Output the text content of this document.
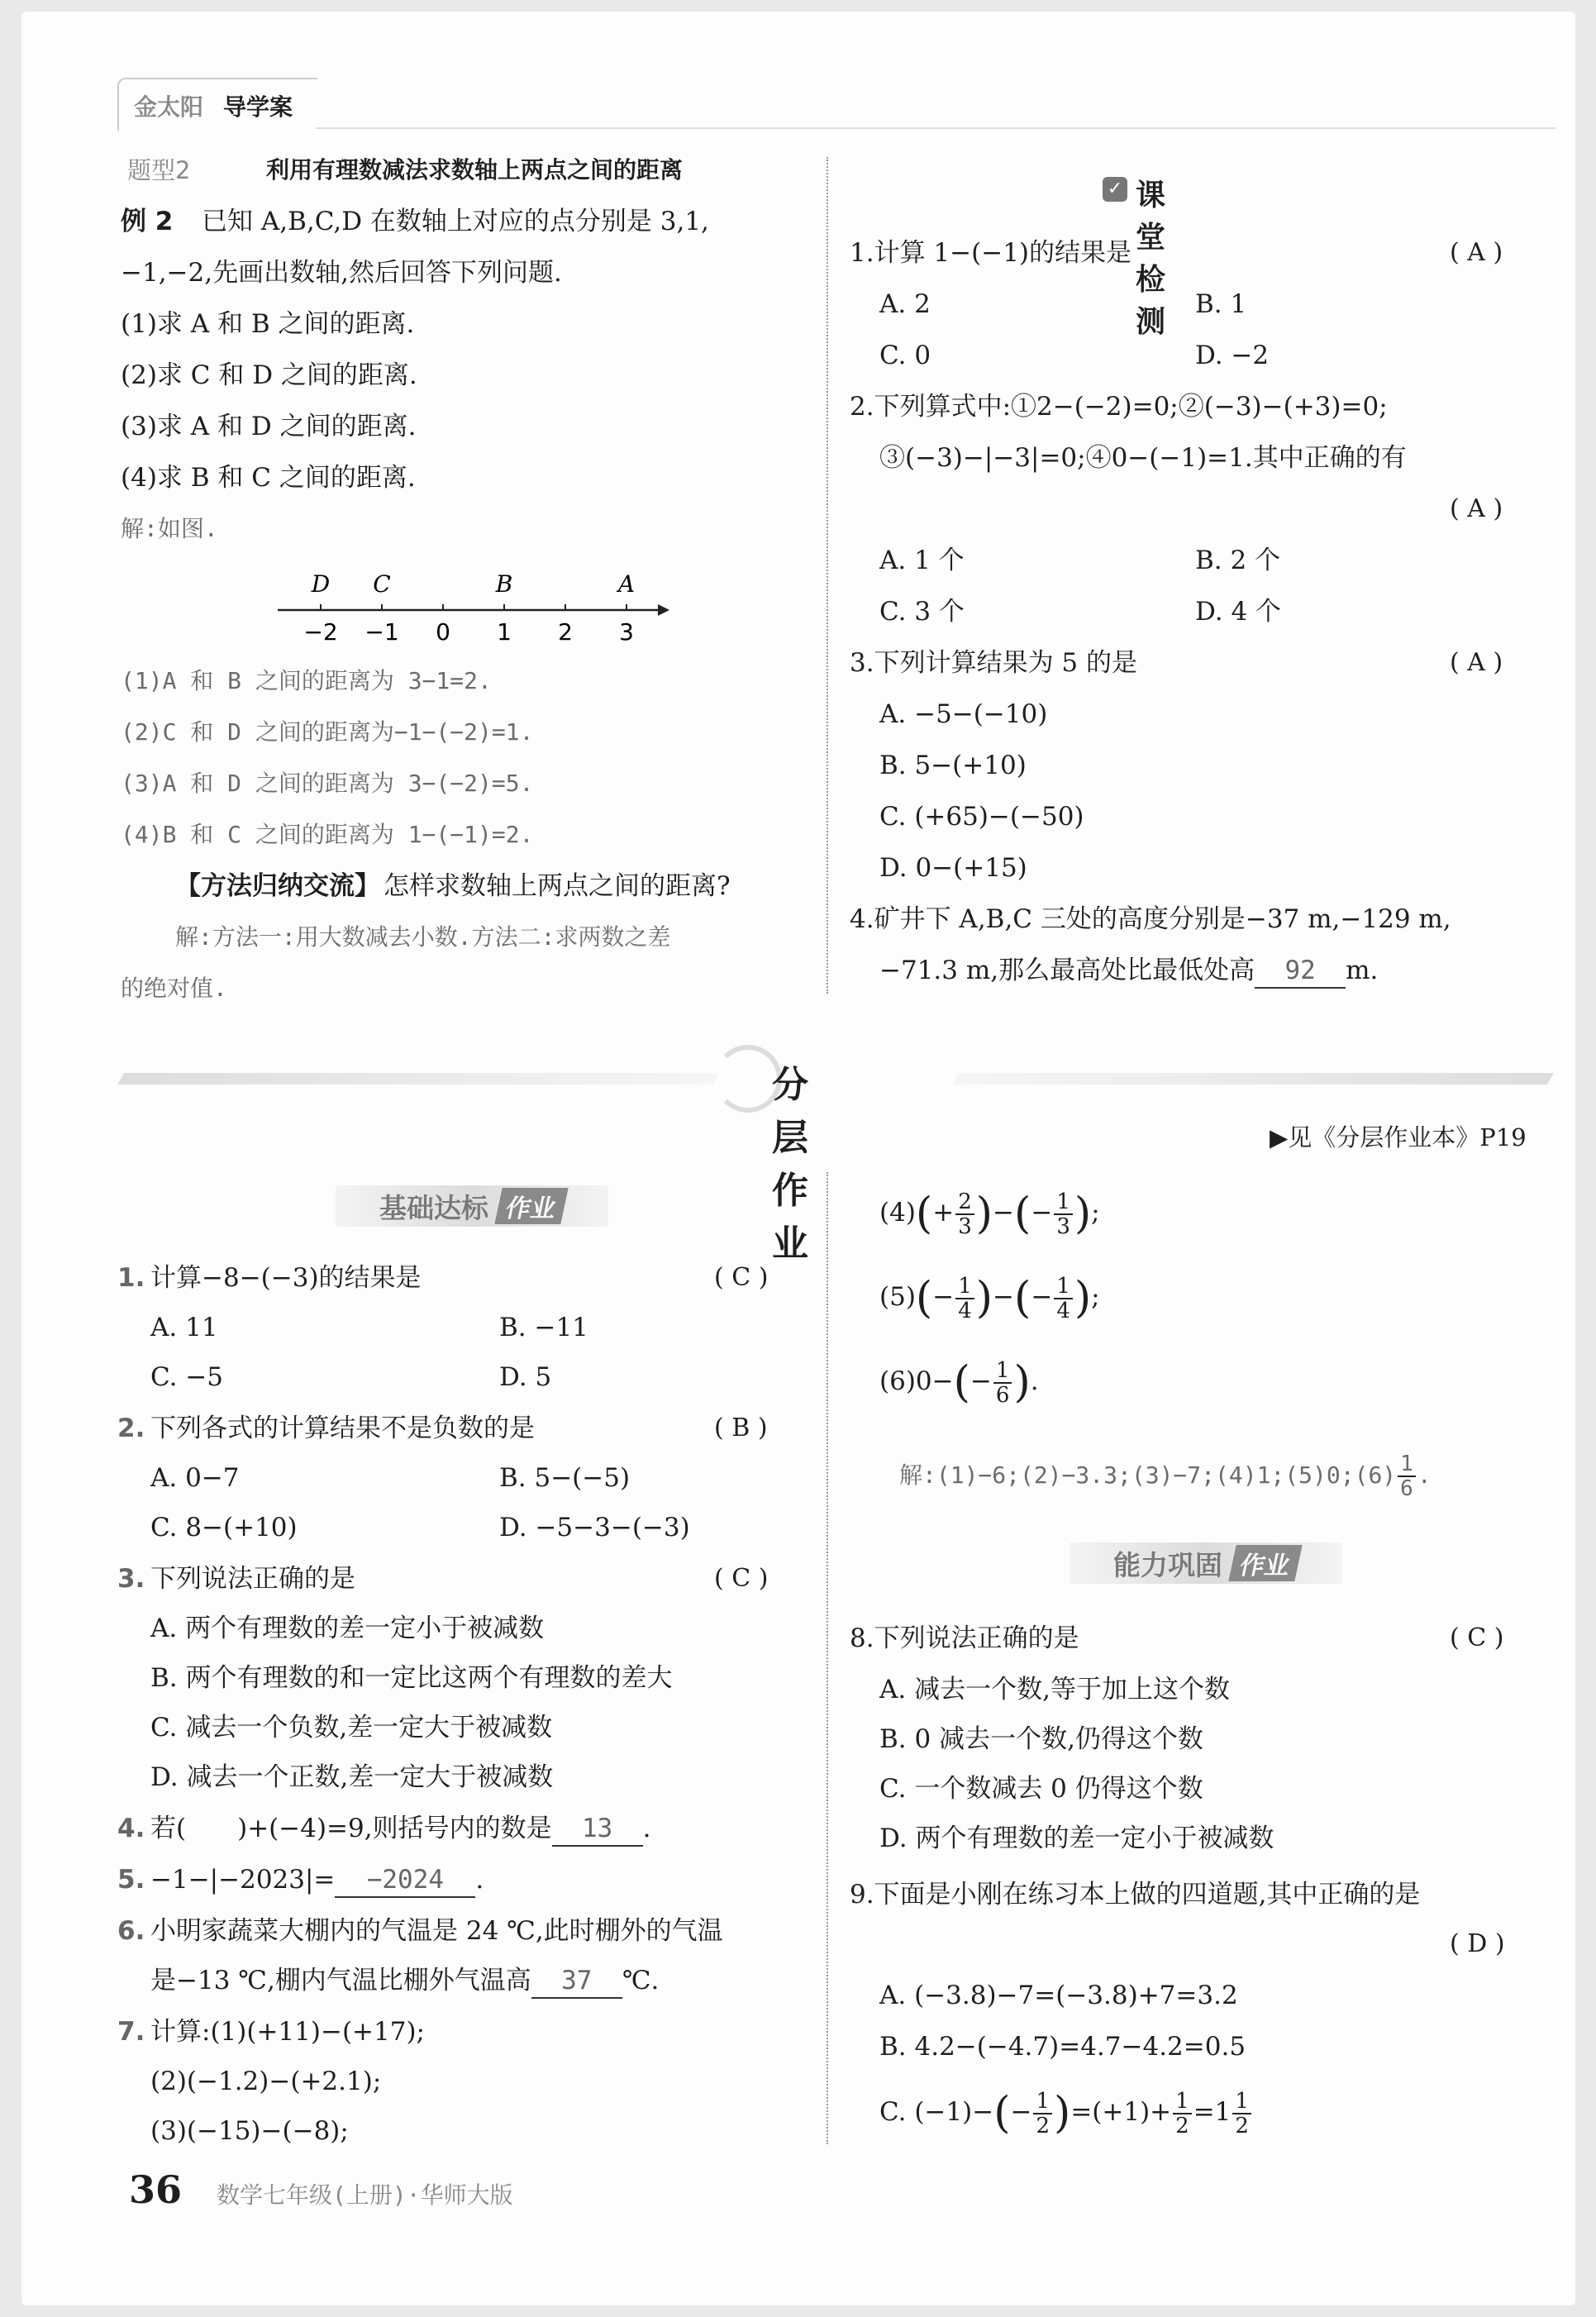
金太阳 导学案
题型2	利用有理数减法求数轴上两点之间的距离
例 2 已知 A,B,C,D 在数轴上对应的点分别是 3,1,
−1,−2,先画出数轴,然后回答下列问题.
(1)求 A 和 B 之间的距离.
(2)求 C 和 D 之间的距离.
(3)求 A 和 D 之间的距离.
(4)求 B 和 C 之间的距离.
解:如图.
−2 −1 0 1 2 3
D C	B	A
(1)A 和 B 之间的距离为 3−1=2.
(2)C 和 D 之间的距离为−1−(−2)=1.
(3)A 和 D 之间的距离为 3−(−2)=5.
(4)B 和 C 之间的距离为 1−(−1)=2.
【方法归纳交流】 怎样求数轴上两点之间的距离?
解:方法一:用大数减去小数.方法二:求两数之差
的绝对值.
✓ 课堂检测
1.计算 1−(−1)的结果是	( A )
A. 2	B. 1
C. 0	D. −2
2.下列算式中:①2−(−2)=0;②(−3)−(+3)=0;
③(−3)−|−3|=0;④0−(−1)=1.其中正确的有
( A )
A. 1 个	B. 2 个
C. 3 个	D. 4 个
3.下列计算结果为 5 的是	( A )
A. −5−(−10)
B. 5−(+10)
C. (+65)−(−50)
D. 0−(+15)
4.矿井下 A,B,C 三处的高度分别是−37 m,−129 m,
−71.3 m,那么最高处比最低处高 92 m.
分层作业
▶见《分层作业本》P19
基础达标 作业
1. 计算−8−(−3)的结果是	( C )
A. 11	B. −11
C. −5	D. 5
2. 下列各式的计算结果不是负数的是	( B )
A. 0−7	B. 5−(−5)
C. 8−(+10)	D. −5−3−(−3)
3. 下列说法正确的是	( C )
A. 两个有理数的差一定小于被减数
B. 两个有理数的和一定比这两个有理数的差大
C. 减去一个负数,差一定大于被减数
D. 减去一个正数,差一定大于被减数
4. 若(　　)+(−4)=9,则括号内的数是 13 .
5. −1−|−2023|= −2024 .
6. 小明家蔬菜大棚内的气温是 24 ℃,此时棚外的气温
是−13 ℃,棚内气温比棚外气温高 37 ℃.
7. 计算:(1)(+11)−(+17);
(2)(−1.2)−(+2.1);
(3)(−15)−(−8);
$(4)(+ \frac{2}{3}$ )−(− $\frac{1}{3}$ );
$(5)(- \frac{1}{4}$ )−(− $\frac{1}{4}$ );
$(6)0-(- \frac{1}{6}$ ).
解:(1)−6;(2)−3.3;(3)−7;(4)1;(5)0;(6) $\frac{1}{6}$ .
能力巩固 作业
8.下列说法正确的是	( C )
A. 减去一个数,等于加上这个数
B. 0 减去一个数,仍得这个数
C. 一个数减去 0 仍得这个数
D. 两个有理数的差一定小于被减数
9.下面是小刚在练习本上做的四道题,其中正确的是
( D )
A. (−3.8)−7=(−3.8)+7=3.2
B. 4.2−(−4.7)=4.7−4.2=0.5
C. $(-1)-(- \frac{1}{2} )=(+1)+ \frac{1}{2} =1 \frac{1}{2}$
36 数学七年级(上册)·华师大版
